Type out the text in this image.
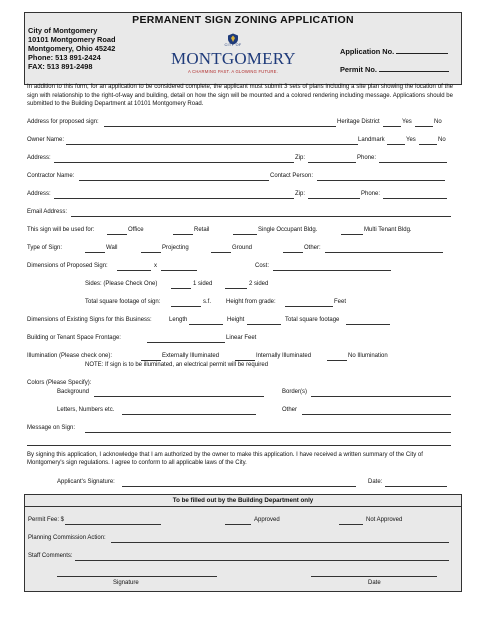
PERMANENT SIGN ZONING APPLICATION
City of Montgomery
10101 Montgomery Road
Montgomery, Ohio 45242
Phone: 513 891-2424
FAX: 513 891-2498
CITY OF
MONTGOMERY
A CHARMING PAST. A GLOWING FUTURE.
Application No.
Permit No.
In addition to this form, for an application to be considered complete, the applicant must submit 3 sets of plans including a site plan showing the location of the sign with relationship to the right-of-way and building, detail on how the sign will be mounted and a colored rendering including message. Applications should be submitted to the Building Department at 10101 Montgomery Road.
Address for proposed sign:	Heritage District	Yes	No
Owner Name:	Landmark	Yes	No
Address:	Zip:	Phone:
Contractor Name:	Contact Person:
Address:	Zip:	Phone:
Email Address:
This sign will be used for:	Office	Retail	Single Occupant Bldg.	Multi Tenant Bldg.
Type of Sign:	Wall	Projecting	Ground	Other:
Dimensions of Proposed Sign:	x	Cost:
Sides: (Please Check One)	1 sided	2 sided
Total square footage of sign:	s.f. Height from grade:	Feet
Dimensions of Existing Signs for this Business:	Length	Height	Total square footage
Building or Tenant Space Frontage:	Linear Feet
Illumination (Please check one):	Externally Illuminated	Internally Illuminated	No Illumination
NOTE: If sign is to be illuminated, an electrical permit will be required
Colors (Please Specify):
Background	Border(s)
Letters, Numbers etc.	Other
Message on Sign:
By signing this application, I acknowledge that I am authorized by the owner to make this application. I have received a written summary of the City of Montgomery's sign regulations. I agree to conform to all applicable laws of the City.
Applicant's Signature:	Date:
To be filled out by the Building Department only
Permit Fee: $	Approved	Not Approved
Planning Commission Action:
Staff Comments:
Signature	Date
